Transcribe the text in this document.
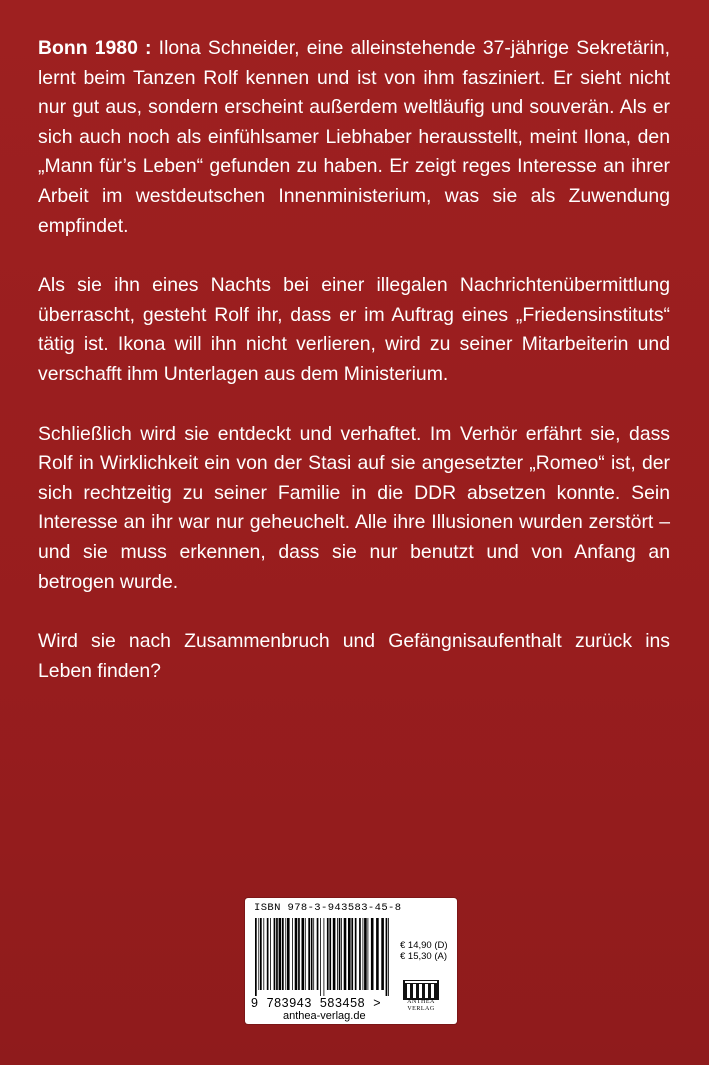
Bonn 1980 : Ilona Schneider, eine alleinstehende 37-jährige Sekretärin, lernt beim Tanzen Rolf kennen und ist von ihm fasziniert. Er sieht nicht nur gut aus, sondern erscheint außerdem weltläufig und souverän. Als er sich auch noch als einfühlsamer Liebhaber herausstellt, meint Ilona, den „Mann für’s Leben“ gefunden zu haben. Er zeigt reges Interesse an ihrer Arbeit im westdeutschen Innenministerium, was sie als Zuwendung empfindet.

Als sie ihn eines Nachts bei einer illegalen Nachrichtenübermittlung überrascht, gesteht Rolf ihr, dass er im Auftrag eines „Friedensinstituts“ tätig ist. Ikona will ihn nicht verlieren, wird zu seiner Mitarbeiterin und verschafft ihm Unterlagen aus dem Ministerium.

Schließlich wird sie entdeckt und verhaftet. Im Verhör erfährt sie, dass Rolf in Wirklichkeit ein von der Stasi auf sie angesetzter „Romeo“ ist, der sich rechtzeitig zu seiner Familie in die DDR absetzen konnte. Sein Interesse an ihr war nur geheuchelt. Alle ihre Illusionen wurden zerstört – und sie muss erkennen, dass sie nur benutzt und von Anfang an betrogen wurde.

Wird sie nach Zusammenbruch und Gefängnisaufenthalt zurück ins Leben finden?

ISBN 978-3-943583-45-8
9 783943 583458 >
anthea-verlag.de
€ 14,90 (D)
€ 15,30 (A)
ANTHEA
VERLAG
